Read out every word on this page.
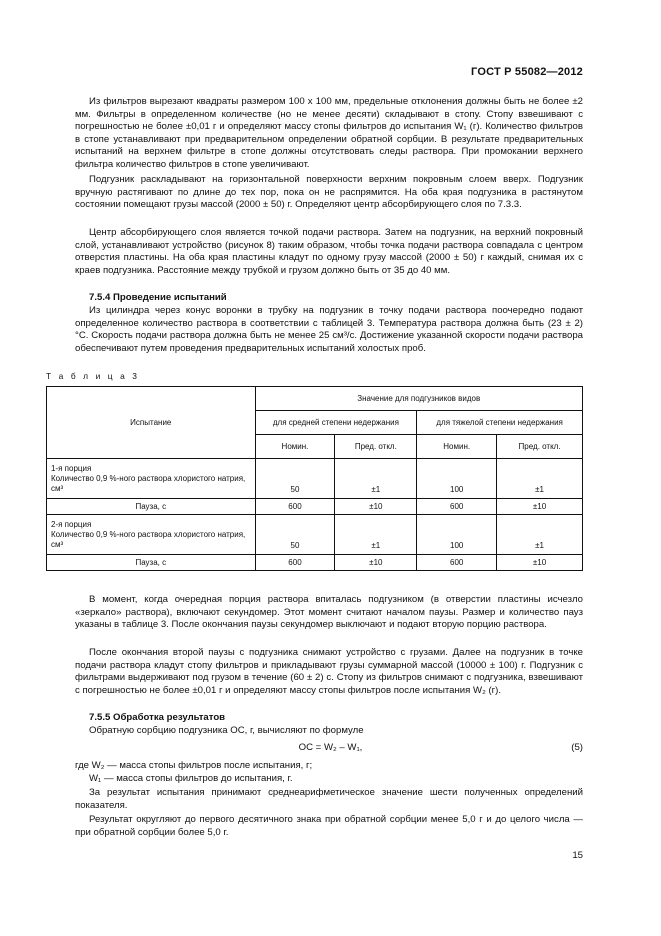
ГОСТ Р 55082—2012

Из фильтров вырезают квадраты размером 100 х 100 мм, предельные отклонения должны быть не более ±2 мм. Фильтры в определенном количестве (но не менее десяти) складывают в стопу. Стопу взвешивают с погрешностью не более ±0,01 г и определяют массу стопы фильтров до испытания W₁ (г). Количество фильтров в стопе устанавливают при предварительном определении обратной сорбции. В результате предварительных испытаний на верхнем фильтре в стопе должны отсутствовать следы раствора. При промокании верхнего фильтра количество фильтров в стопе увеличивают.

Подгузник раскладывают на горизонтальной поверхности верхним покровным слоем вверх. Подгузник вручную растягивают по длине до тех пор, пока он не распрямится. На оба края подгузника в растянутом состоянии помещают грузы массой (2000 ± 50) г. Определяют центр абсорбирующего слоя по 7.3.3.

Центр абсорбирующего слоя является точкой подачи раствора. Затем на подгузник, на верхний покровный слой, устанавливают устройство (рисунок 8) таким образом, чтобы точка подачи раствора совпадала с центром отверстия пластины. На оба края пластины кладут по одному грузу массой (2000 ± 50) г каждый, снимая их с краев подгузника. Расстояние между трубкой и грузом должно быть от 35 до 40 мм.

7.5.4 Проведение испытаний

Из цилиндра через конус воронки в трубку на подгузник в точку подачи раствора поочередно подают определенное количество раствора в соответствии с таблицей 3. Температура раствора должна быть (23 ± 2) °С. Скорость подачи раствора должна быть не менее 25 см³/с. Достижение указанной скорости подачи раствора обеспечивают путем проведения предварительных испытаний холостых проб.

Т а б л и ц а 3
Испытание	Значение для подгузников видов			
	для средней степени недержания		для тяжелой степени недержания	
	Номин.	Пред. откл.	Номин.	Пред. откл.
1-я порция
Количество 0,9 %-ного раствора хлористого натрия, см³	50	±1	100	±1
Пауза, с	600	±10	600	±10
2-я порция
Количество 0,9 %-ного раствора хлористого натрия, см³	50	±1	100	±1
Пауза, с	600	±10	600	±10

В момент, когда очередная порция раствора впиталась подгузником (в отверстии пластины исчезло «зеркало» раствора), включают секундомер. Этот момент считают началом паузы. Размер и количество пауз указаны в таблице 3. После окончания паузы секундомер выключают и подают вторую порцию раствора.

После окончания второй паузы с подгузника снимают устройство с грузами. Далее на подгузник в точке подачи раствора кладут стопу фильтров и прикладывают грузы суммарной массой (10000 ± 100) г. Подгузник с фильтрами выдерживают под грузом в течение (60 ± 2) с. Стопу из фильтров снимают с подгузника, взвешивают с погрешностью не более ±0,01 г и определяют массу стопы фильтров после испытания W₂ (г).

7.5.5 Обработка результатов

Обратную сорбцию подгузника ОС, г, вычисляют по формуле

ОС = W₂ – W₁,	(5)
где W₂ — масса стопы фильтров после испытания, г;
W₁ — масса стопы фильтров до испытания, г.

За результат испытания принимают среднеарифметическое значение шести полученных определений показателя.

Результат округляют до первого десятичного знака при обратной сорбции менее 5,0 г и до целого числа — при обратной сорбции более 5,0 г.

15
